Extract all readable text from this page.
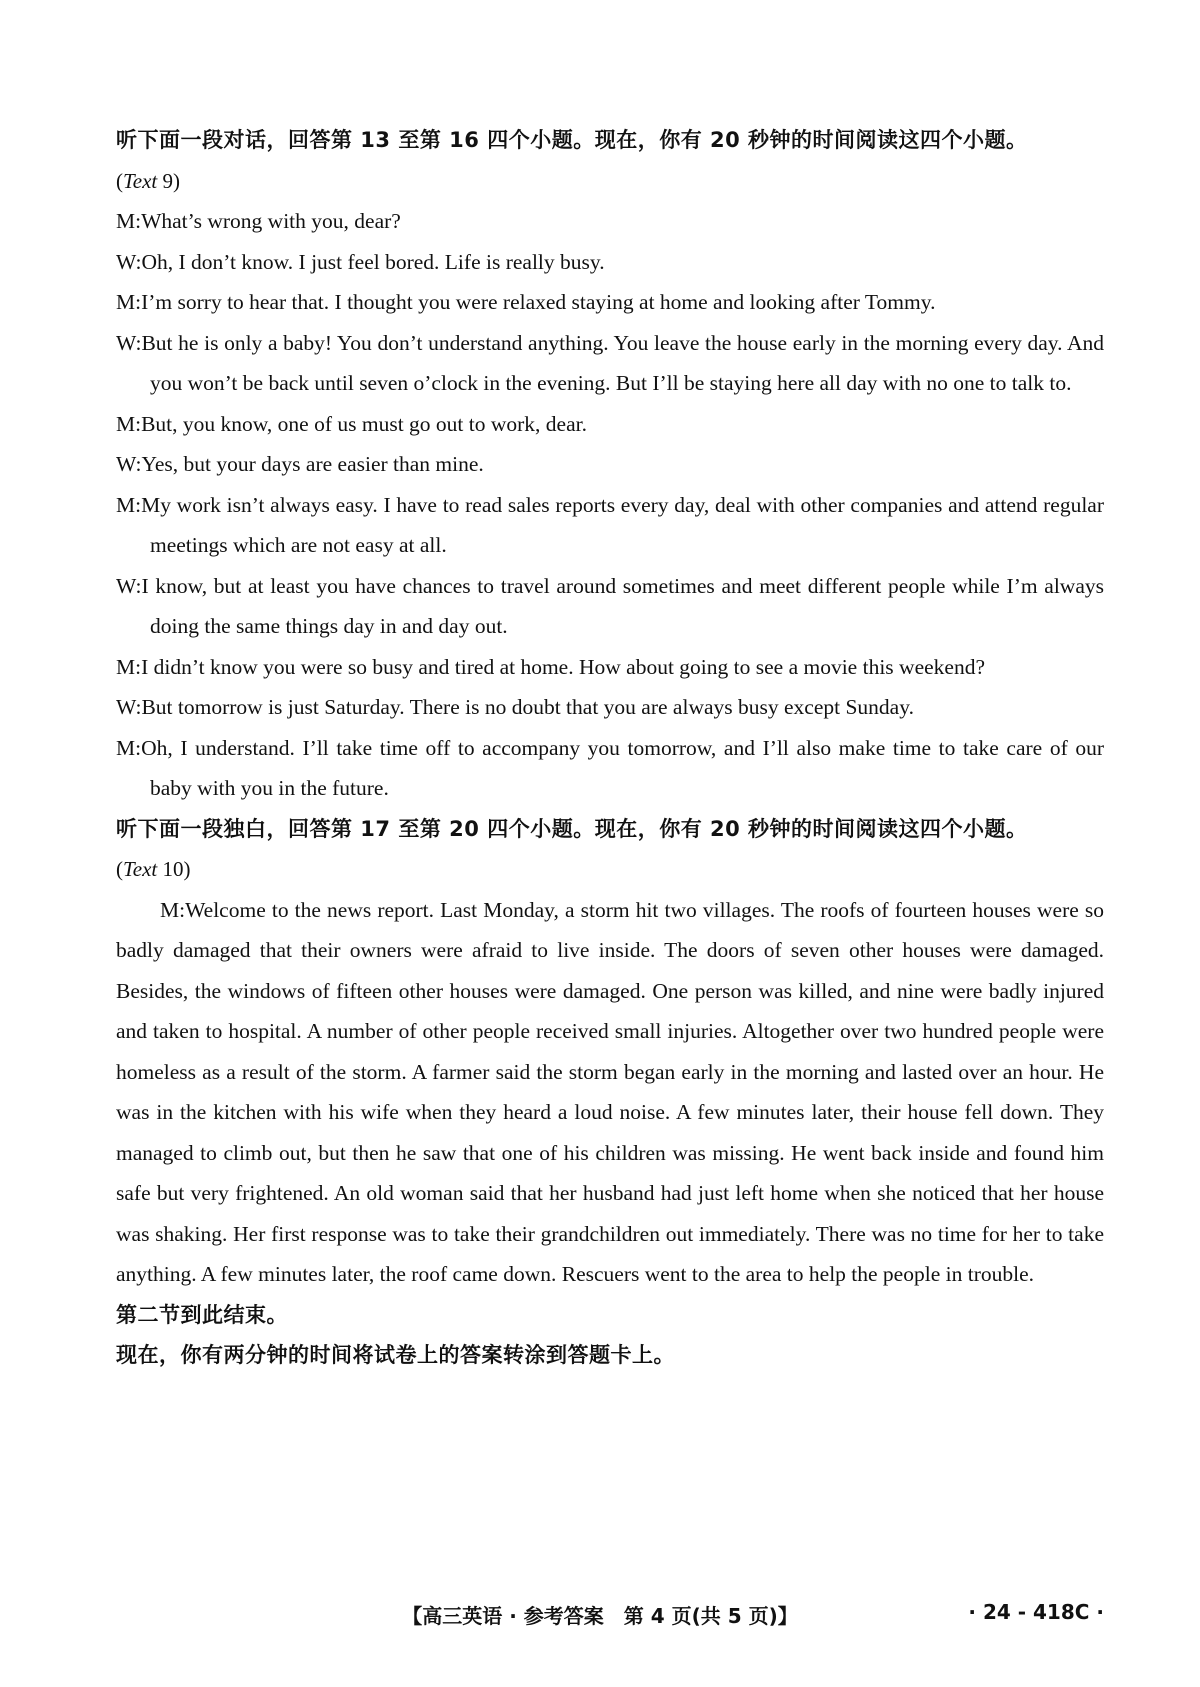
听下面一段对话，回答第 13 至第 16 四个小题。现在，你有 20 秒钟的时间阅读这四个小题。

(Text 9)

M:What’s wrong with you, dear?

W:Oh, I don’t know. I just feel bored. Life is really busy.

M:I’m sorry to hear that. I thought you were relaxed staying at home and looking after Tommy.

W:But he is only a baby! You don’t understand anything. You leave the house early in the morning every day. And you won’t be back until seven o’clock in the evening. But I’ll be staying here all day with no one to talk to.

M:But, you know, one of us must go out to work, dear.

W:Yes, but your days are easier than mine.

M:My work isn’t always easy. I have to read sales reports every day, deal with other companies and attend regular meetings which are not easy at all.

W:I know, but at least you have chances to travel around sometimes and meet different people while I’m always doing the same things day in and day out.

M:I didn’t know you were so busy and tired at home. How about going to see a movie this weekend?

W:But tomorrow is just Saturday. There is no doubt that you are always busy except Sunday.

M:Oh, I understand. I’ll take time off to accompany you tomorrow, and I’ll also make time to take care of our baby with you in the future.

听下面一段独白，回答第 17 至第 20 四个小题。现在，你有 20 秒钟的时间阅读这四个小题。

(Text 10)

M:Welcome to the news report. Last Monday, a storm hit two villages. The roofs of fourteen houses were so badly damaged that their owners were afraid to live inside. The doors of seven other houses were damaged. Besides, the windows of fifteen other houses were damaged. One person was killed, and nine were badly injured and taken to hospital. A number of other people received small injuries. Altogether over two hundred people were homeless as a result of the storm. A farmer said the storm began early in the morning and lasted over an hour. He was in the kitchen with his wife when they heard a loud noise. A few minutes later, their house fell down. They managed to climb out, but then he saw that one of his children was missing. He went back inside and found him safe but very frightened. An old woman said that her husband had just left home when she noticed that her house was shaking. Her first response was to take their grandchildren out immediately. There was no time for her to take anything. A few minutes later, the roof came down. Rescuers went to the area to help the people in trouble.

第二节到此结束。

现在，你有两分钟的时间将试卷上的答案转涂到答题卡上。

【高三英语 · 参考答案　第 4 页(共 5 页)】	· 24 - 418C ·
